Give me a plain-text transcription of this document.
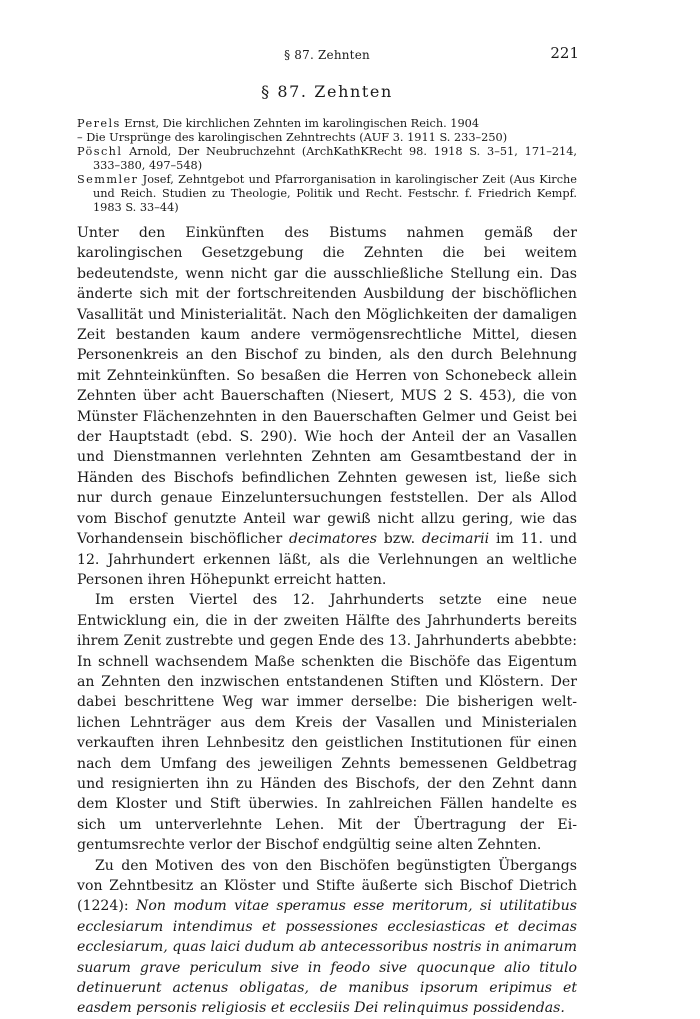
§ 87. Zehnten	221
§ 87. Zehnten
Perels Ernst, Die kirchlichen Zehnten im karolingischen Reich. 1904
– Die Ursprünge des karolingischen Zehntrechts (AUF 3. 1911 S. 233–250)
Pöschl Arnold, Der Neubruchzehnt (ArchKathKRecht 98. 1918 S. 3–51, 171–214, 333–380, 497–548)
Semmler Josef, Zehntgebot und Pfarrorganisation in karolingischer Zeit (Aus Kirche und Reich. Studien zu Theologie, Politik und Recht. Festschr. f. Friedrich Kempf. 1983 S. 33–44)

Unter den Einkünften des Bistums nahmen gemäß der karolingischen Gesetzgebung die Zehnten die bei weitem bedeutendste, wenn nicht gar die ausschließliche Stellung ein. Das änderte sich mit der fortschreitenden Ausbildung der bischöflichen Vasallität und Ministerialität. Nach den Möglichkeiten der damaligen Zeit bestanden kaum andere vermögensrechtliche Mittel, diesen Personenkreis an den Bischof zu binden, als den durch Belehnung mit Zehnteinkünften. So besaßen die Herren von Schonebeck allein Zehnten über acht Bauerschaften (Niesert, MUS 2 S. 453), die von Münster Flächenzehnten in den Bauerschaften Gelmer und Geist bei der Hauptstadt (ebd. S. 290). Wie hoch der Anteil der an Vasallen und Dienstmannen verlehnten Zehnten am Gesamtbestand der in Händen des Bischofs befindlichen Zehnten gewesen ist, ließe sich nur durch genaue Einzeluntersuchungen feststellen. Der als Allod vom Bischof genutzte Anteil war gewiß nicht allzu gering, wie das Vorhandensein bischöflicher decimatores bzw. decimarii im 11. und 12. Jahrhundert erkennen läßt, als die Verlehnungen an weltliche Personen ihren Höhepunkt erreicht hatten.

Im ersten Viertel des 12. Jahrhunderts setzte eine neue Entwicklung ein, die in der zweiten Hälfte des Jahrhunderts bereits ihrem Zenit zustrebte und gegen Ende des 13. Jahrhunderts abebbte: In schnell wachsendem Maße schenkten die Bischöfe das Eigentum an Zehnten den inzwischen entstandenen Stiften und Klöstern. Der dabei beschrittene Weg war immer derselbe: Die bisherigen weltlichen Lehnträger aus dem Kreis der Vasallen und Ministerialen verkauften ihren Lehnbesitz den geistlichen Institutionen für einen nach dem Umfang des jeweiligen Zehnts bemessenen Geldbetrag und resignierten ihn zu Händen des Bischofs, der den Zehnt dann dem Kloster und Stift überwies. In zahlreichen Fällen handelte es sich um unterverlehnte Lehen. Mit der Übertragung der Eigentumsrechte verlor der Bischof endgültig seine alten Zehnten.

Zu den Motiven des von den Bischöfen begünstigten Übergangs von Zehntbesitz an Klöster und Stifte äußerte sich Bischof Dietrich (1224): Non modum vitae speramus esse meritorum, si utilitatibus ecclesiarum intendimus et possessiones ecclesiasticas et decimas ecclesiarum, quas laici dudum ab antecessoribus nostris in animarum suarum grave periculum sive in feodo sive quocunque alio titulo detinuerunt actenus obligatas, de manibus ipsorum eripimus et easdem personis religiosis et ecclesiis Dei relinquimus possidendas.
